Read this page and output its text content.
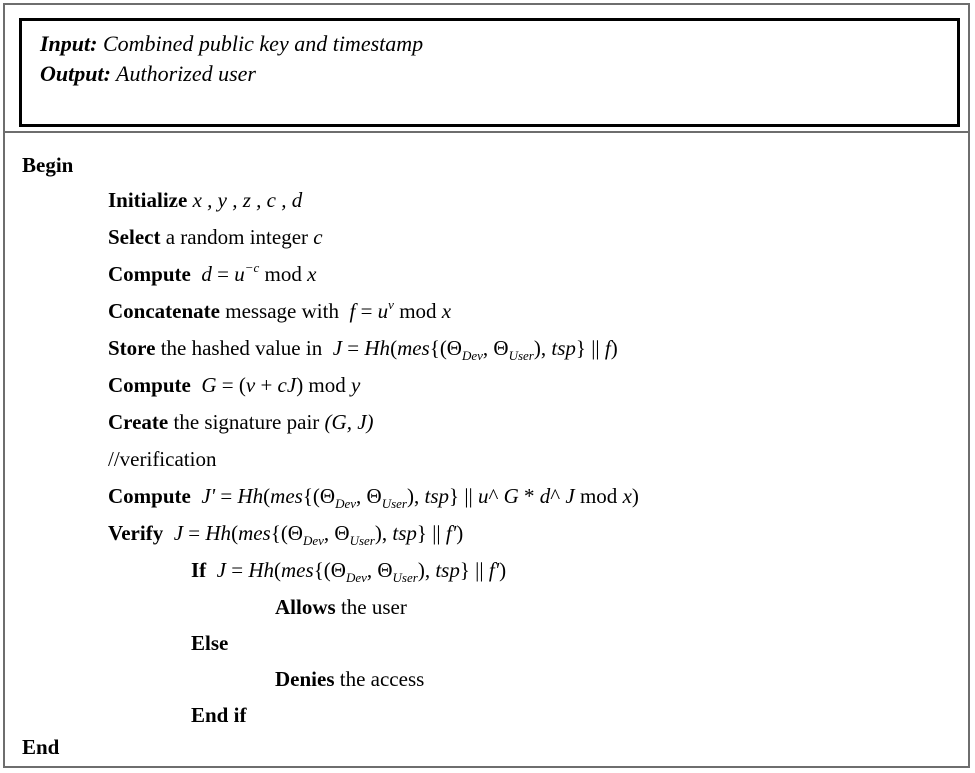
Input: Combined public key and timestamp
Output: Authorized user
Begin
Initialize x , y , z , c , d
Select a random integer c
Compute $d = u^{-c}$ mod x
Concatenate message with $f = u^v$ mod x
Store the hashed value in $J = Hh(mes\{(\Theta_{Dev}$, $\Theta_{User}$), tsp} || f)
Compute G = (v + cJ) mod y
Create the signature pair (G, J)
//verification
Compute $J' = Hh(mes\{(\Theta_{Dev}$, $\Theta_{User}$), tsp} || u^ G * d^ J mod x)
Verify $J = Hh(mes\{(\Theta_{Dev}$, $\Theta_{User}$), tsp} || f')
If $J = Hh(mes\{(\Theta_{Dev}$, $\Theta_{User}$), tsp} || f')
Allows the user
Else
Denies the access
End if
End
